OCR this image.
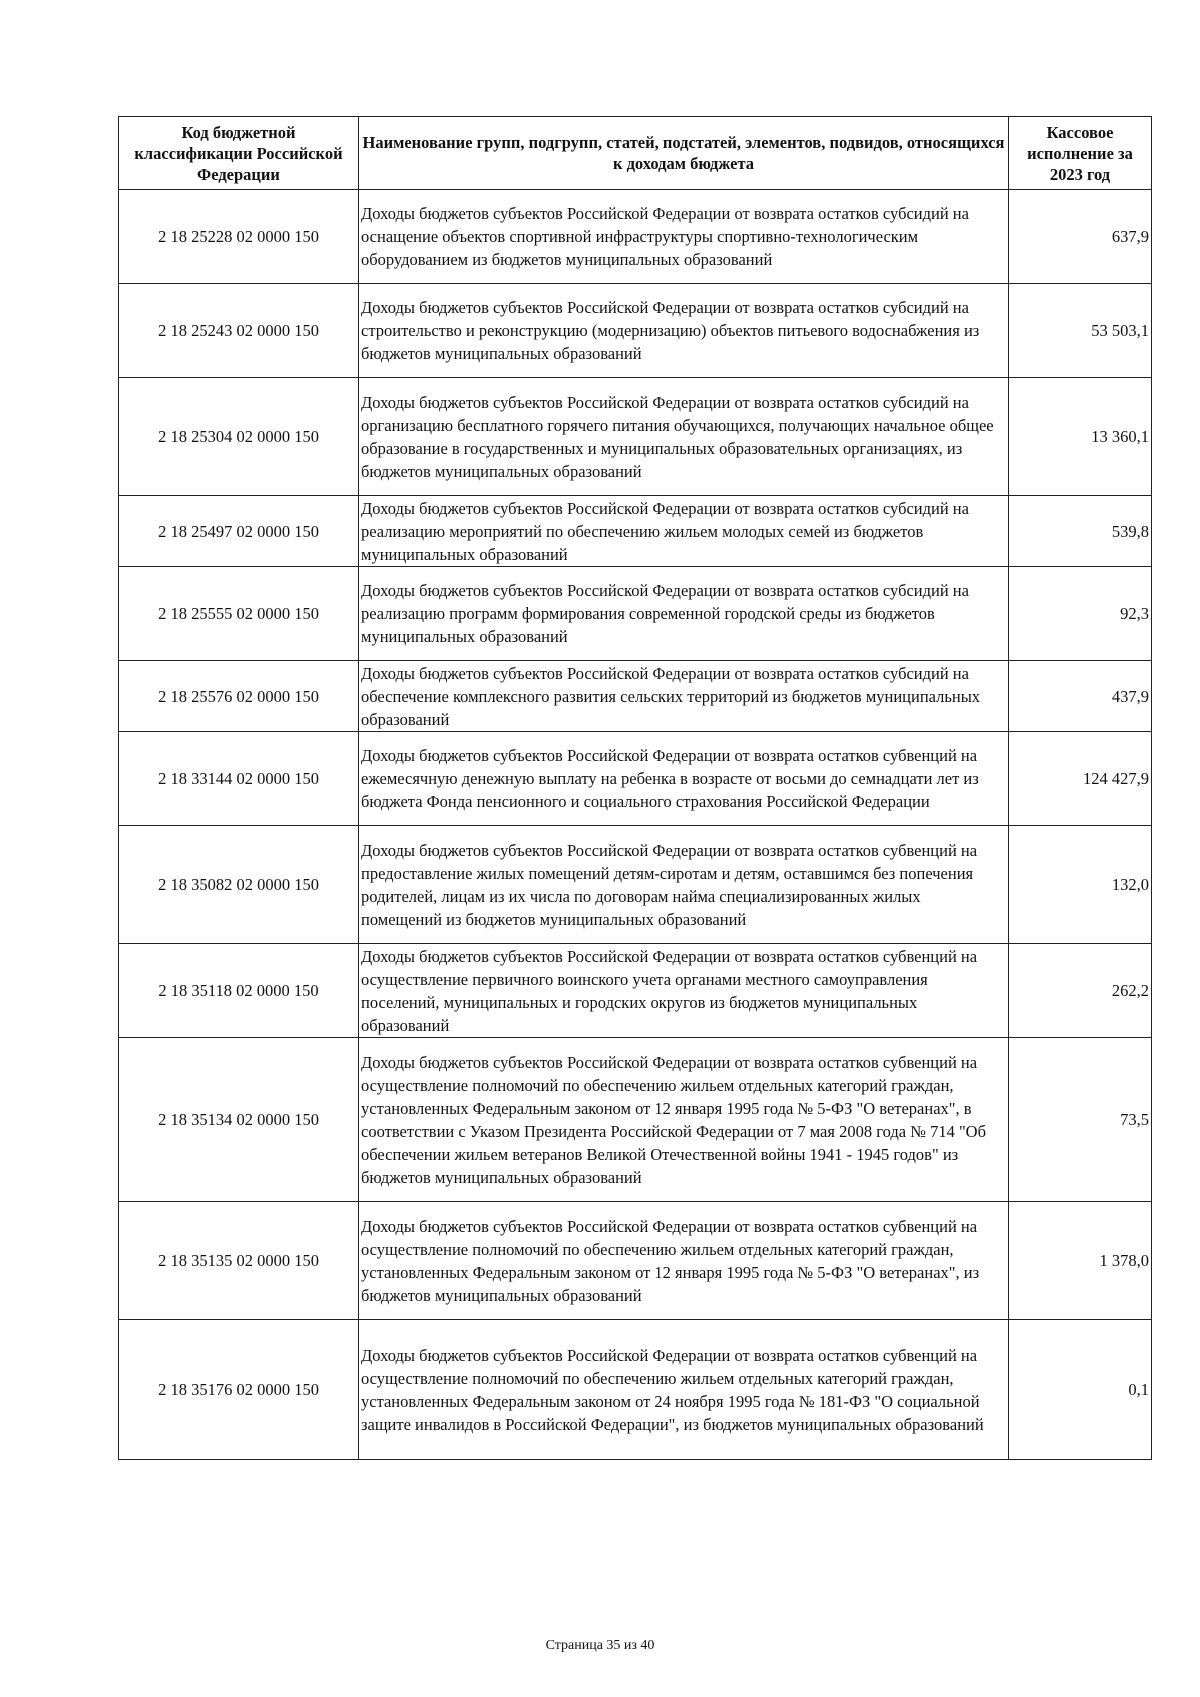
Код бюджетной классификации Российской Федерации	Наименование групп, подгрупп, статей, подстатей, элементов, подвидов, относящихся к доходам бюджета	Кассовое исполнение за 2023 год
2 18 25228 02 0000 150	Доходы бюджетов субъектов Российской Федерации от возврата остатков субсидий на оснащение объектов спортивной инфраструктуры спортивно-технологическим оборудованием из бюджетов муниципальных образований	637,9
2 18 25243 02 0000 150	Доходы бюджетов субъектов Российской Федерации от возврата остатков субсидий на строительство и реконструкцию (модернизацию) объектов питьевого водоснабжения из бюджетов муниципальных образований	53 503,1
2 18 25304 02 0000 150	Доходы бюджетов субъектов Российской Федерации от возврата остатков субсидий на организацию бесплатного горячего питания обучающихся, получающих начальное общее образование в государственных и муниципальных образовательных организациях, из бюджетов муниципальных образований	13 360,1
2 18 25497 02 0000 150	Доходы бюджетов субъектов Российской Федерации от возврата остатков субсидий на реализацию мероприятий по обеспечению жильем молодых семей из бюджетов муниципальных образований	539,8
2 18 25555 02 0000 150	Доходы бюджетов субъектов Российской Федерации от возврата остатков субсидий на реализацию программ формирования современной городской среды из бюджетов муниципальных образований	92,3
2 18 25576 02 0000 150	Доходы бюджетов субъектов Российской Федерации от возврата остатков субсидий на обеспечение комплексного развития сельских территорий из бюджетов муниципальных образований	437,9
2 18 33144 02 0000 150	Доходы бюджетов субъектов Российской Федерации от возврата остатков субвенций на ежемесячную денежную выплату на ребенка в возрасте от восьми до семнадцати лет из бюджета Фонда пенсионного и социального страхования Российской Федерации	124 427,9
2 18 35082 02 0000 150	Доходы бюджетов субъектов Российской Федерации от возврата остатков субвенций на предоставление жилых помещений детям-сиротам и детям, оставшимся без попечения родителей, лицам из их числа по договорам найма специализированных жилых помещений из бюджетов муниципальных образований	132,0
2 18 35118 02 0000 150	Доходы бюджетов субъектов Российской Федерации от возврата остатков субвенций на осуществление первичного воинского учета органами местного самоуправления поселений, муниципальных и городских округов из бюджетов муниципальных образований	262,2
2 18 35134 02 0000 150	Доходы бюджетов субъектов Российской Федерации от возврата остатков субвенций на осуществление полномочий по обеспечению жильем отдельных категорий граждан, установленных Федеральным законом от 12 января 1995 года № 5-ФЗ "О ветеранах", в соответствии с Указом Президента Российской Федерации от 7 мая 2008 года № 714 "Об обеспечении жильем ветеранов Великой Отечественной войны 1941 - 1945 годов" из бюджетов муниципальных образований	73,5
2 18 35135 02 0000 150	Доходы бюджетов субъектов Российской Федерации от возврата остатков субвенций на осуществление полномочий по обеспечению жильем отдельных категорий граждан, установленных Федеральным законом от 12 января 1995 года № 5-ФЗ "О ветеранах", из бюджетов муниципальных образований	1 378,0
2 18 35176 02 0000 150	Доходы бюджетов субъектов Российской Федерации от возврата остатков субвенций на осуществление полномочий по обеспечению жильем отдельных категорий граждан, установленных Федеральным законом от 24 ноября 1995 года № 181-ФЗ "О социальной защите инвалидов в Российской Федерации", из бюджетов муниципальных образований	0,1
Страница 35 из 40
